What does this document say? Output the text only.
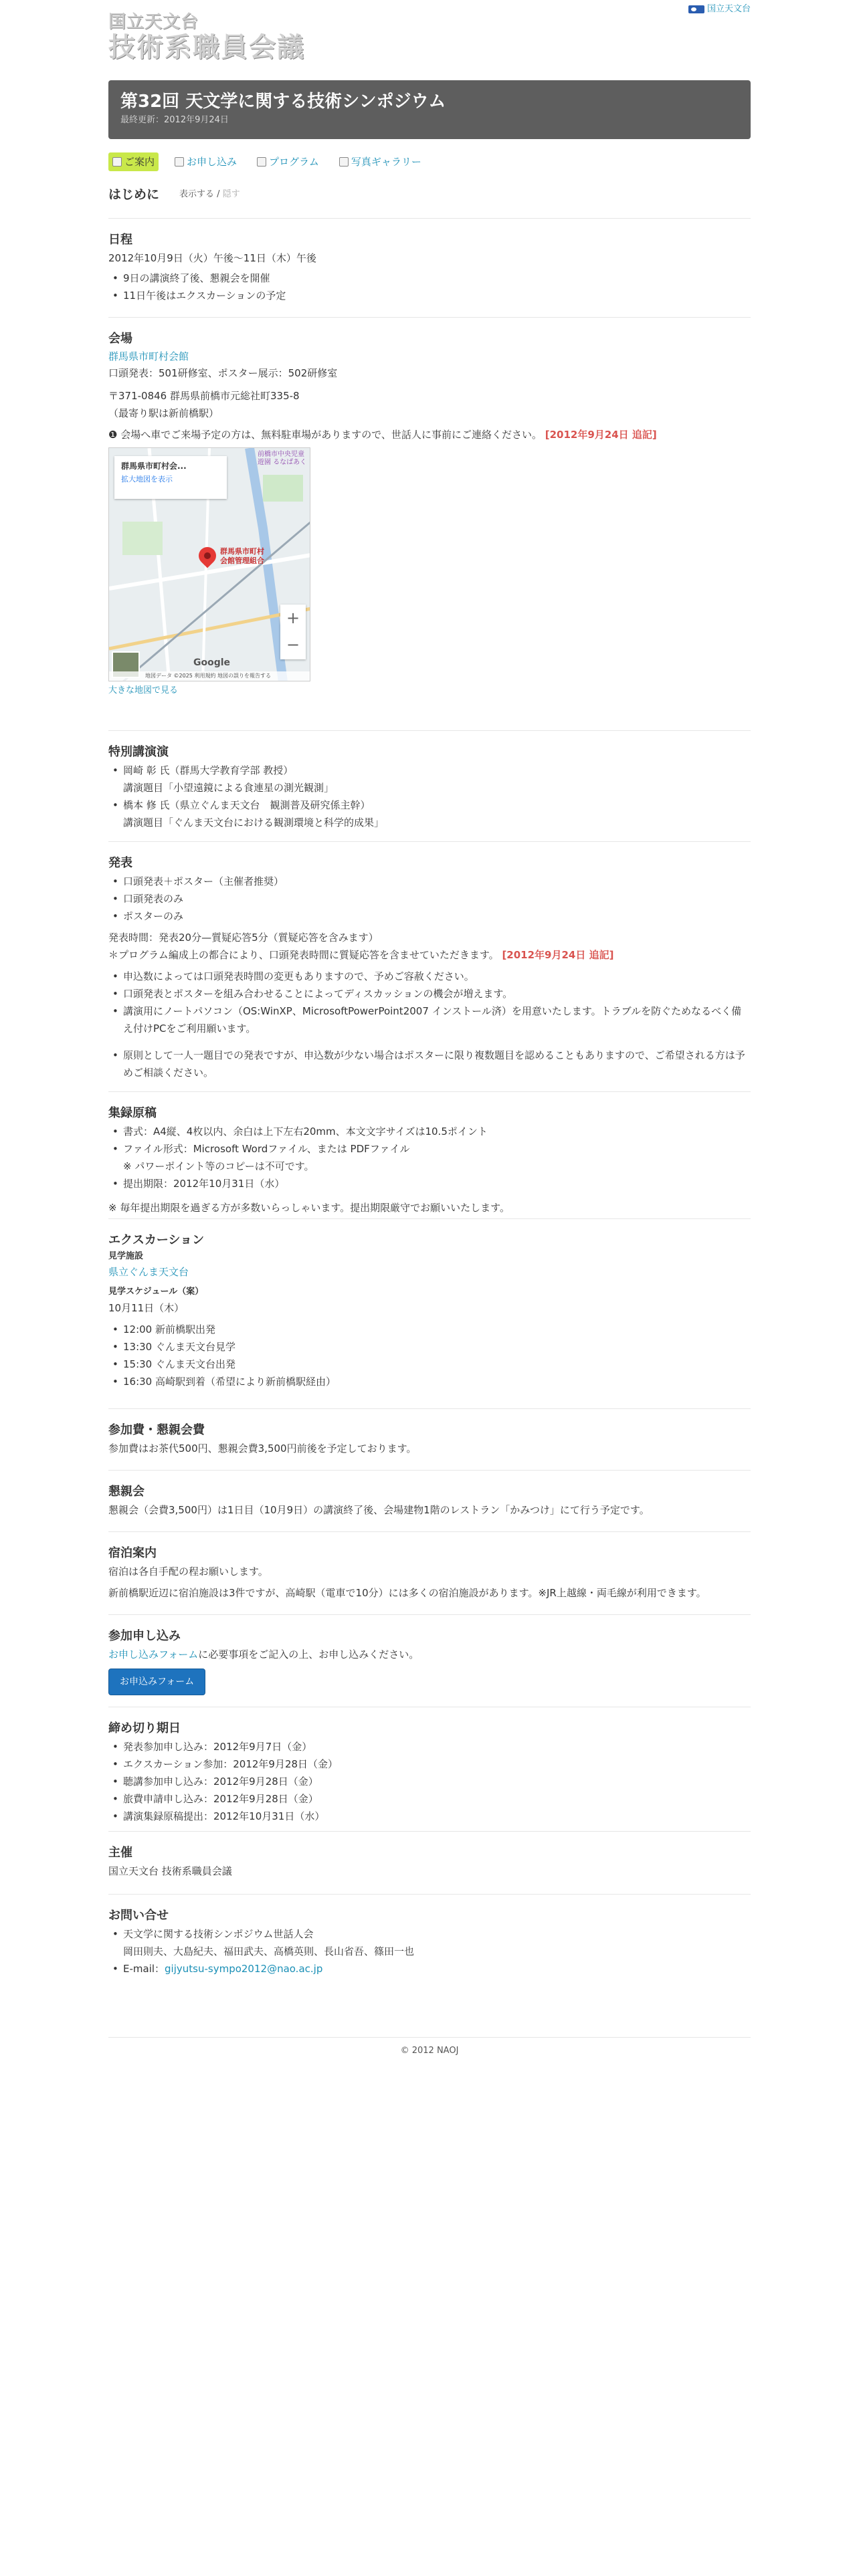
国立天文台
国立天文台
技術系職員会議
第32回 天文学に関する技術シンポジウム
最終更新：2012年9月24日
ご案内	お申し込み	プログラム	写真ギャラリー
はじめに 表示する / 隠す
日程

2012年10月9日（火）午後～11日（木）午後

• 9日の講演終了後、懇親会を開催
• 11日午後はエクスカーションの予定
会場
群馬県市町村会館

口頭発表：501研修室、ポスター展示：502研修室

〒371-0846 群馬県前橋市元総社町335-8

（最寄り駅は新前橋駅）

❶ 会場へ車でご来場予定の方は、無料駐車場がありますので、世話人に事前にご連絡ください。 [2012年9月24日 追記]

群馬県市町村会...
拡大地図を表示
前橋市中央児童遊園 るなぱあく
群馬県市町村
会館管理組合
+
−
Google
地図データ ©2025 利用規約 地図の誤りを報告する
大きな地図で見る
特別講演演
• 岡崎 彰 氏（群馬大学教育学部 教授）
講演題目「小望遠鏡による食連星の測光観測」
• 橋本 修 氏（県立ぐんま天文台　観測普及研究係主幹）
講演題目「ぐんま天文台における観測環境と科学的成果」
発表
• 口頭発表＋ポスター（主催者推奨）
• 口頭発表のみ
• ポスターのみ

発表時間：発表20分—質疑応答5分（質疑応答を含みます）

＊プログラム編成上の都合により、口頭発表時間に質疑応答を含ませていただきます。 [2012年9月24日 追記]

• 申込数によっては口頭発表時間の変更もありますので、予めご容赦ください。
• 口頭発表とポスターを組み合わせることによってディスカッションの機会が増えます。
• 講演用にノートパソコン（OS:WinXP、MicrosoftPowerPoint2007 インストール済）を用意いたします。トラブルを防ぐためなるべく備え付けPCをご利用願います。
• 原則として一人一題目での発表ですが、申込数が少ない場合はポスターに限り複数題目を認めることもありますので、ご希望される方は予めご相談ください。
集録原稿
• 書式：A4縦、4枚以内、余白は上下左右20mm、本文文字サイズは10.5ポイント
• ファイル形式：Microsoft Wordファイル、または PDFファイル
※ パワーポイント等のコピーは不可です。
• 提出期限：2012年10月31日（水）

※ 毎年提出期限を過ぎる方が多数いらっしゃいます。提出期限厳守でお願いいたします。

エクスカーション
見学施設
県立ぐんま天文台
見学スケジュール（案）

10月11日（木）

• 12:00 新前橋駅出発
• 13:30 ぐんま天文台見学
• 15:30 ぐんま天文台出発
• 16:30 高崎駅到着（希望により新前橋駅経由）
参加費・懇親会費

参加費はお茶代500円、懇親会費3,500円前後を予定しております。

懇親会

懇親会（会費3,500円）は1日目（10月9日）の講演終了後、会場建物1階のレストラン「かみつけ」にて行う予定です。

宿泊案内

宿泊は各自手配の程お願いします。

新前橋駅近辺に宿泊施設は3件ですが、高崎駅（電車で10分）には多くの宿泊施設があります。※JR上越線・両毛線が利用できます。

参加申し込み

お申し込みフォームに必要事項をご記入の上、お申し込みください。

お申込みフォーム
締め切り期日
• 発表参加申し込み：2012年9月7日（金）
• エクスカーション参加：2012年9月28日（金）
• 聴講参加申し込み：2012年9月28日（金）
• 旅費申請申し込み：2012年9月28日（金）
• 講演集録原稿提出：2012年10月31日（水）
主催

国立天文台 技術系職員会議

お問い合せ
• 天文学に関する技術シンポジウム世話人会
岡田則夫、大島紀夫、福田武夫、高橋英則、長山省吾、篠田一也
• E-mail：gijyutsu-sympo2012@nao.ac.jp
© 2012 NAOJ
